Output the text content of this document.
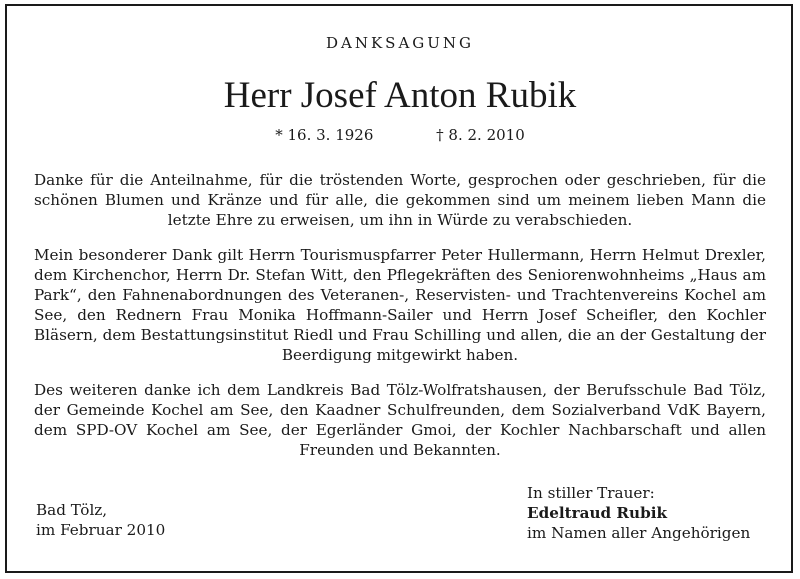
DANKSAGUNG
Herr Josef Anton Rubik
* 16. 3. 1926	† 8. 2. 2010

Danke für die Anteilnahme, für die tröstenden Worte, gesprochen oder geschrieben, für die schönen Blumen und Kränze und für alle, die gekommen sind um meinem lieben Mann die letzte Ehre zu erweisen, um ihn in Würde zu verabschieden.

Mein besonderer Dank gilt Herrn Tourismuspfarrer Peter Hullermann, Herrn Helmut Drexler, dem Kirchenchor, Herrn Dr. Stefan Witt, den Pflegekräften des Seniorenwohnheims „Haus am Park“, den Fahnenabordnungen des Veteranen-, Reservisten- und Trachtenvereins Kochel am See, den Rednern Frau Monika Hoffmann-Sailer und Herrn Josef Scheifler, den Kochler Bläsern, dem Bestattungsinstitut Riedl und Frau Schilling und allen, die an der Gestaltung der Beerdigung mitgewirkt haben.

Des weiteren danke ich dem Landkreis Bad Tölz-Wolfratshausen, der Berufsschule Bad Tölz, der Gemeinde Kochel am See, den Kaadner Schulfreunden, dem Sozialverband VdK Bayern, dem SPD-OV Kochel am See, der Egerländer Gmoi, der Kochler Nachbarschaft und allen Freunden und Bekannten.

Bad Tölz,
im Februar 2010
In stiller Trauer:
Edeltraud Rubik
im Namen aller Angehörigen
